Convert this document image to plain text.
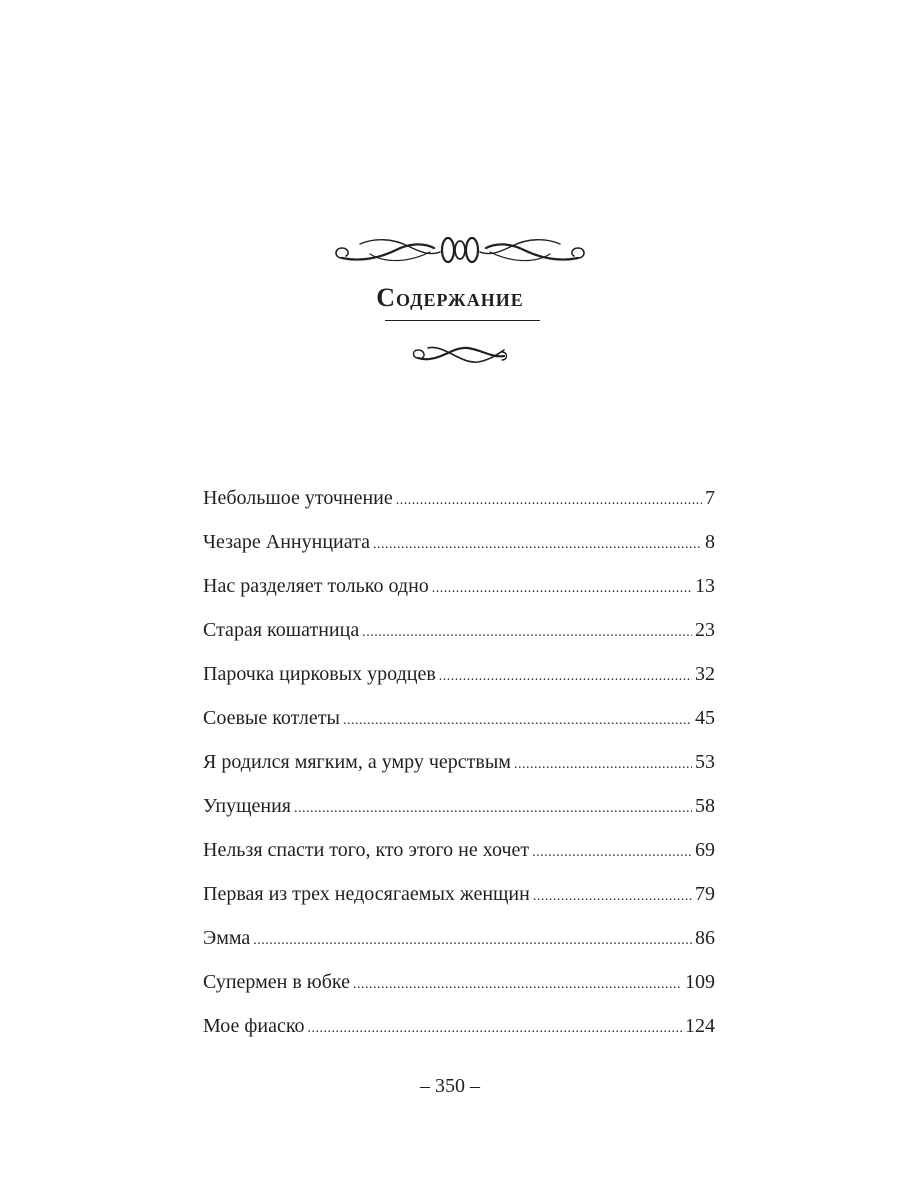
Содержание
Небольшое уточнение .....	7
Чезаре Аннунциата .....	8
Нас разделяет только одно .....	13
Старая кошатница .....	23
Парочка цирковых уродцев .....	32
Соевые котлеты .....	45
Я родился мягким, а умру черствым .....	53
Упущения .....	58
Нельзя спасти того, кто этого не хочет .....	69
Первая из трех недосягаемых женщин .....	79
Эмма .....	86
Супермен в юбке .....	109
Мое фиаско .....	124
– 350 –
